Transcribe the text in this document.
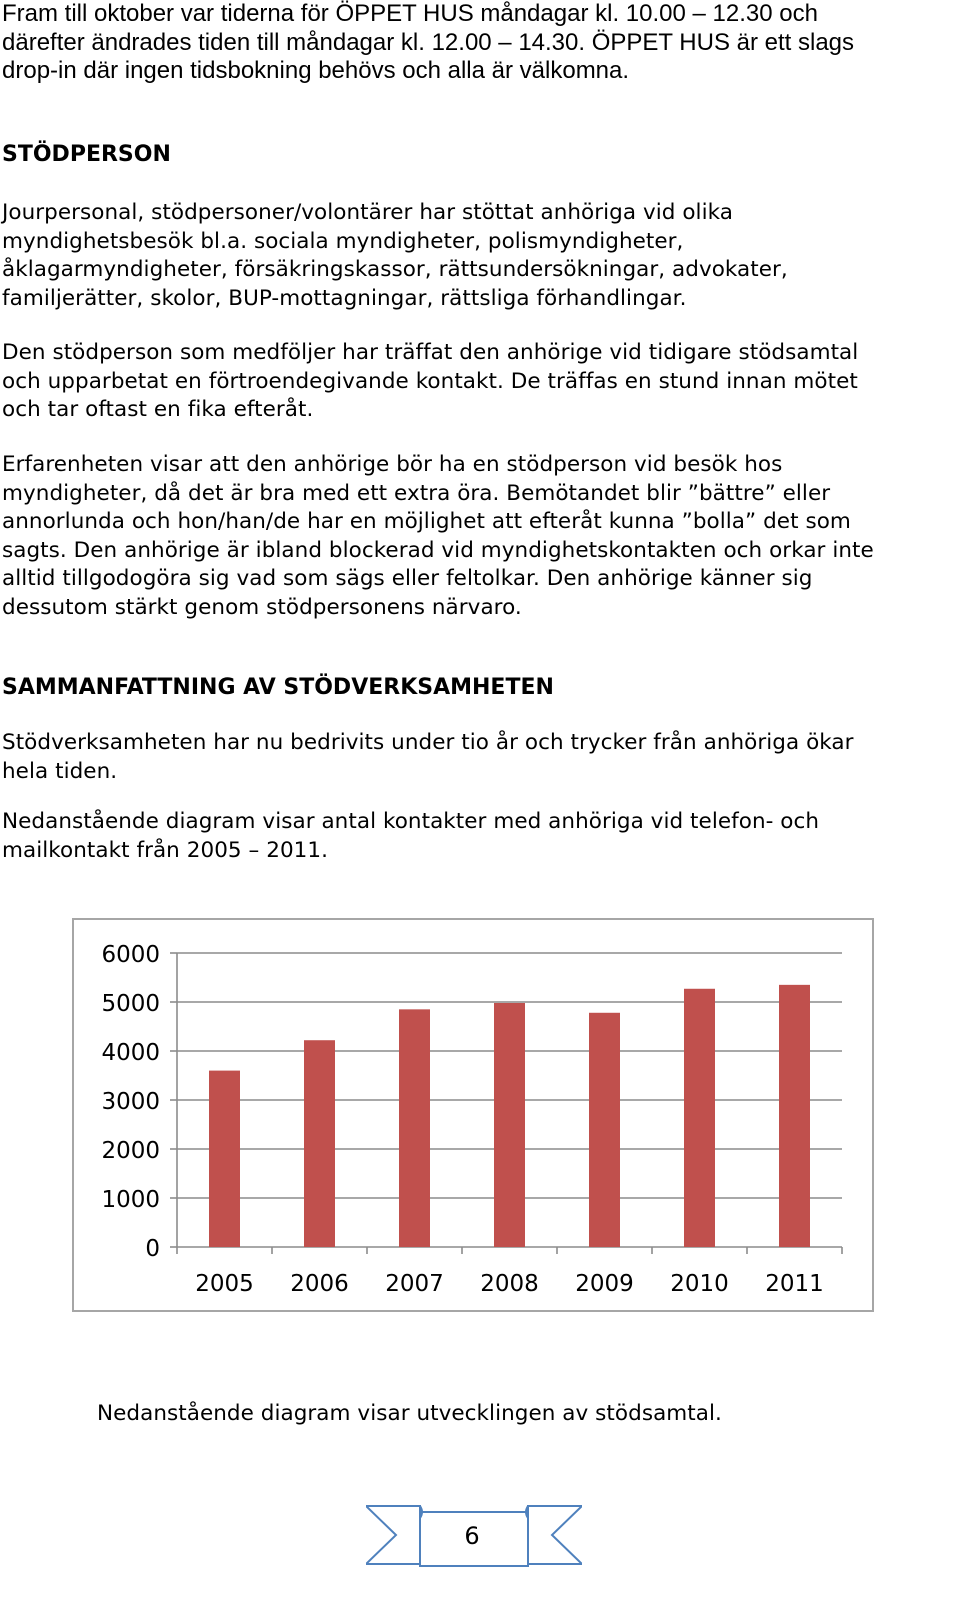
Fram till oktober var tiderna för ÖPPET HUS måndagar kl. 10.00 – 12.30 och
därefter ändrades tiden till måndagar kl. 12.00 – 14.30. ÖPPET HUS är ett slags
drop-in där ingen tidsbokning behövs och alla är välkomna.
STÖDPERSON
Jourpersonal, stödpersoner/volontärer har stöttat anhöriga vid olika
myndighetsbesök bl.a. sociala myndigheter, polismyndigheter,
åklagarmyndigheter, försäkringskassor, rättsundersökningar, advokater,
familjerätter, skolor, BUP-mottagningar, rättsliga förhandlingar.
Den stödperson som medföljer har träffat den anhörige vid tidigare stödsamtal
och upparbetat en förtroendegivande kontakt. De träffas en stund innan mötet
och tar oftast en fika efteråt.
Erfarenheten visar att den anhörige bör ha en stödperson vid besök hos
myndigheter, då det är bra med ett extra öra. Bemötandet blir ”bättre” eller
annorlunda och hon/han/de har en möjlighet att efteråt kunna ”bolla” det som
sagts. Den anhörige är ibland blockerad vid myndighetskontakten och orkar inte
alltid tillgodogöra sig vad som sägs eller feltolkar. Den anhörige känner sig
dessutom stärkt genom stödpersonens närvaro.
SAMMANFATTNING AV STÖDVERKSAMHETEN
Stödverksamheten har nu bedrivits under tio år och trycker från anhöriga ökar
hela tiden.
Nedanstående diagram visar antal kontakter med anhöriga vid telefon- och
mailkontakt från 2005 – 2011.
0
1000
2000
3000
4000
5000
6000
2005 2006 2007 2008 2009 2010 2011
Nedanstående diagram visar utvecklingen av stödsamtal.
6
